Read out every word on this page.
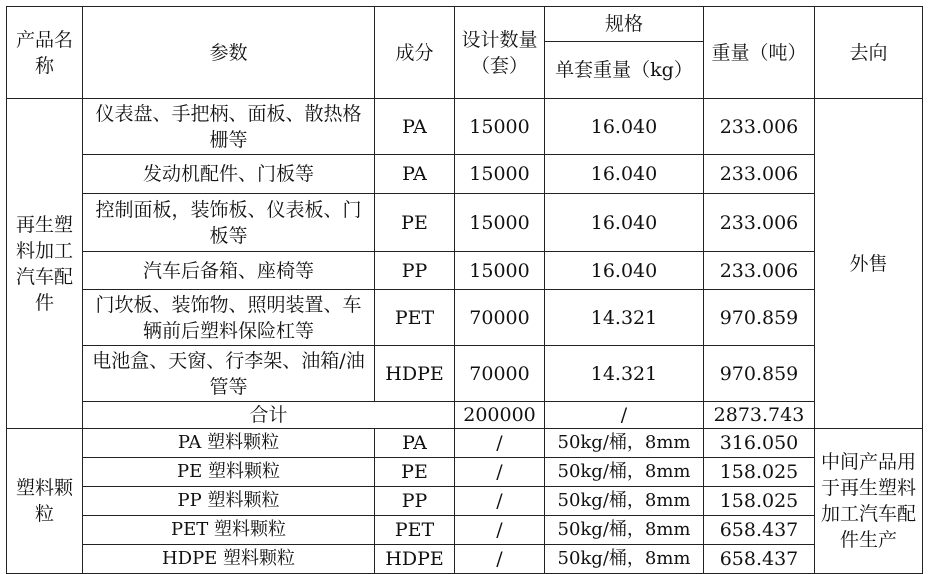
产品名称	参数	成分	设计数量（套）	规格	重量（吨）	去向
				单套重量（kg）		
再生塑料加工汽车配件	仪表盘、手把柄、面板、散热格栅等	PA	15000	16.040	233.006	外售
	发动机配件、门板等	PA	15000	16.040	233.006	
	控制面板，装饰板、仪表板、门板等	PE	15000	16.040	233.006	
	汽车后备箱、座椅等	PP	15000	16.040	233.006	
	门坎板、装饰物、照明装置、车辆前后塑料保险杠等	PET	70000	14.321	970.859	
	电池盒、天窗、行李架、油箱/油管等	HDPE	70000	14.321	970.859	
	合计		200000	/	2873.743	
塑料颗粒	PA 塑料颗粒	PA	/	50kg/桶，8mm	316.050	中间产品用于再生塑料加工汽车配件生产
	PE 塑料颗粒	PE	/	50kg/桶，8mm	158.025	
	PP 塑料颗粒	PP	/	50kg/桶，8mm	158.025	
	PET 塑料颗粒	PET	/	50kg/桶，8mm	658.437	
	HDPE 塑料颗粒	HDPE	/	50kg/桶，8mm	658.437	
